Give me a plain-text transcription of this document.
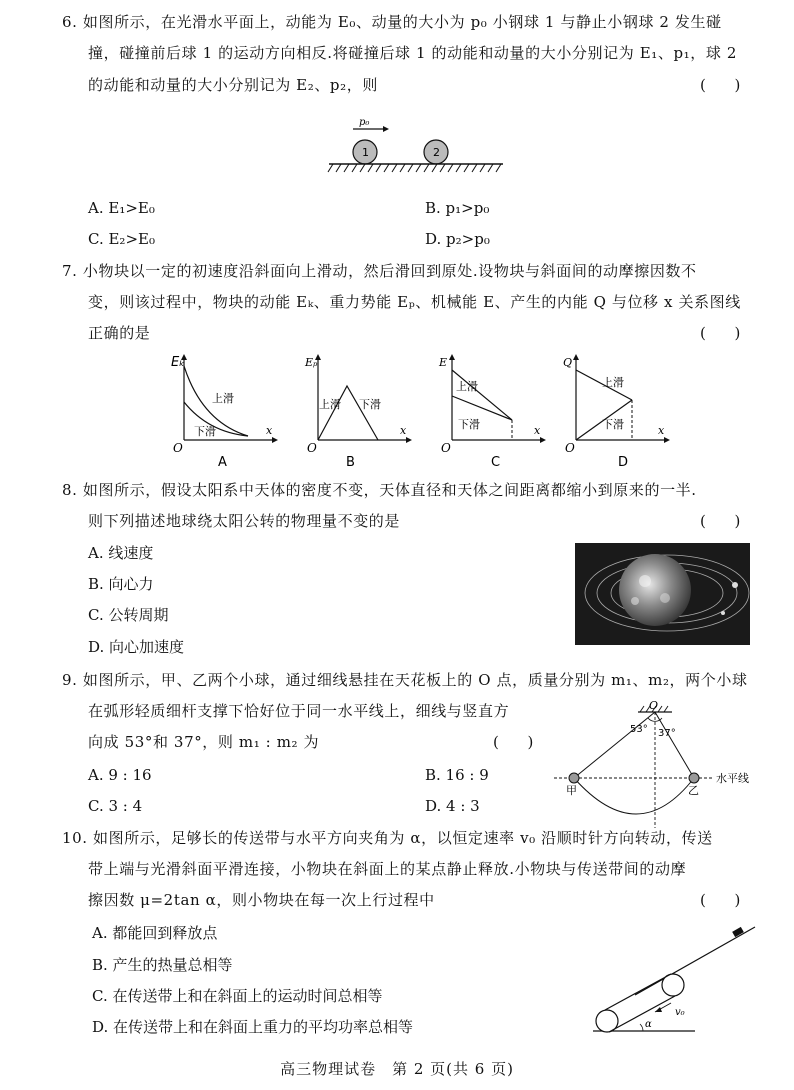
6. 如图所示，在光滑水平面上，动能为 E₀、动量的大小为 p₀ 小钢球 1 与静止小钢球 2 发生碰
撞，碰撞前后球 1 的运动方向相反.将碰撞后球 1 的动能和动量的大小分别记为 E₁、p₁，球 2
的动能和动量的大小分别记为 E₂、p₂，则	(      )
p₀
1	2
A. E₁>E₀	B. p₁>p₀
C. E₂>E₀	D. p₂>p₀
7. 小物块以一定的初速度沿斜面向上滑动，然后滑回到原处.设物块与斜面间的动摩擦因数不
变，则该过程中，物块的动能 Eₖ、重力势能 Eₚ、机械能 E、产生的内能 Q 与位移 x 关系图线
正确的是	(      )
Eₖ
x
O
上滑
下滑
A
Eₚ
x
O
上滑 下滑
B
E
x
O
上滑
下滑
C
Q
x
O
上滑
下滑
D
8. 如图所示，假设太阳系中天体的密度不变，天体直径和天体之间距离都缩小到原来的一半.
则下列描述地球绕太阳公转的物理量不变的是	(      )
A. 线速度
B. 向心力
C. 公转周期
D. 向心加速度
9. 如图所示，甲、乙两个小球，通过细线悬挂在天花板上的 O 点，质量分别为 m₁、m₂，两个小球
在弧形轻质细杆支撑下恰好位于同一水平线上，细线与竖直方
向成 53°和 37°，则 m₁ : m₂ 为	(      )
A. 9 : 16	B. 16 : 9
C. 3 : 4	D. 4 : 3
O
53° 37°
甲	乙
水平线
10. 如图所示，足够长的传送带与水平方向夹角为 α，以恒定速率 v₀ 沿顺时针方向转动，传送
带上端与光滑斜面平滑连接，小物块在斜面上的某点静止释放.小物块与传送带间的动摩
擦因数 μ=2tan α，则小物块在每一次上行过程中	(      )
A. 都能回到释放点
B. 产生的热量总相等
C. 在传送带上和在斜面上的运动时间总相等
D. 在传送带上和在斜面上重力的平均功率总相等
v₀
α
高三物理试卷　第 2 页(共 6 页)
